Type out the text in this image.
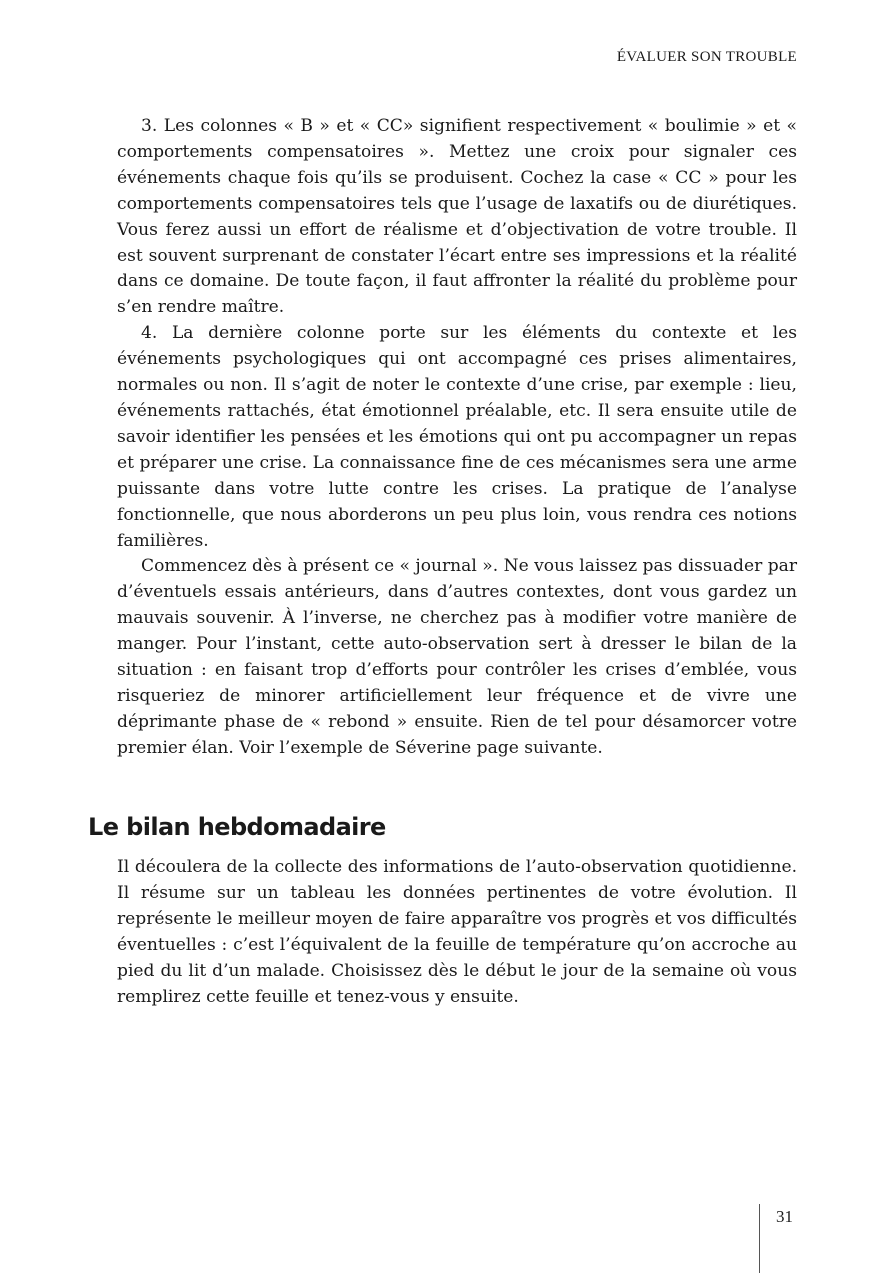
ÉVALUER SON TROUBLE

3. Les colonnes « B » et « CC» signifient respectivement « boulimie » et « comportements compensatoires ». Mettez une croix pour signaler ces événements chaque fois qu’ils se produisent. Cochez la case « CC » pour les comportements compensatoires tels que l’usage de laxatifs ou de diurétiques. Vous ferez aussi un effort de réalisme et d’objectivation de votre trouble. Il est souvent surprenant de constater l’écart entre ses impressions et la réalité dans ce domaine. De toute façon, il faut affronter la réalité du problème pour s’en rendre maître.

4. La dernière colonne porte sur les éléments du contexte et les événements psychologiques qui ont accompagné ces prises alimentaires, normales ou non. Il s’agit de noter le contexte d’une crise, par exemple : lieu, événements rattachés, état émotionnel préalable, etc. Il sera ensuite utile de savoir identifier les pensées et les émotions qui ont pu accompagner un repas et préparer une crise. La connaissance fine de ces mécanismes sera une arme puissante dans votre lutte contre les crises. La pratique de l’analyse fonctionnelle, que nous aborderons un peu plus loin, vous rendra ces notions familières.

Commencez dès à présent ce « journal ». Ne vous laissez pas dissuader par d’éventuels essais antérieurs, dans d’autres contextes, dont vous gardez un mauvais souvenir. À l’inverse, ne cherchez pas à modifier votre manière de manger. Pour l’instant, cette auto-observation sert à dresser le bilan de la situation : en faisant trop d’efforts pour contrôler les crises d’emblée, vous risqueriez de minorer artificiellement leur fréquence et de vivre une déprimante phase de « rebond » ensuite. Rien de tel pour désamorcer votre premier élan. Voir l’exemple de Séverine page suivante.

Le bilan hebdomadaire

Il découlera de la collecte des informations de l’auto-observation quotidienne. Il résume sur un tableau les données pertinentes de votre évolution. Il représente le meilleur moyen de faire apparaître vos progrès et vos difficultés éventuelles : c’est l’équivalent de la feuille de température qu’on accroche au pied du lit d’un malade. Choisissez dès le début le jour de la semaine où vous remplirez cette feuille et tenez-vous y ensuite.

31
